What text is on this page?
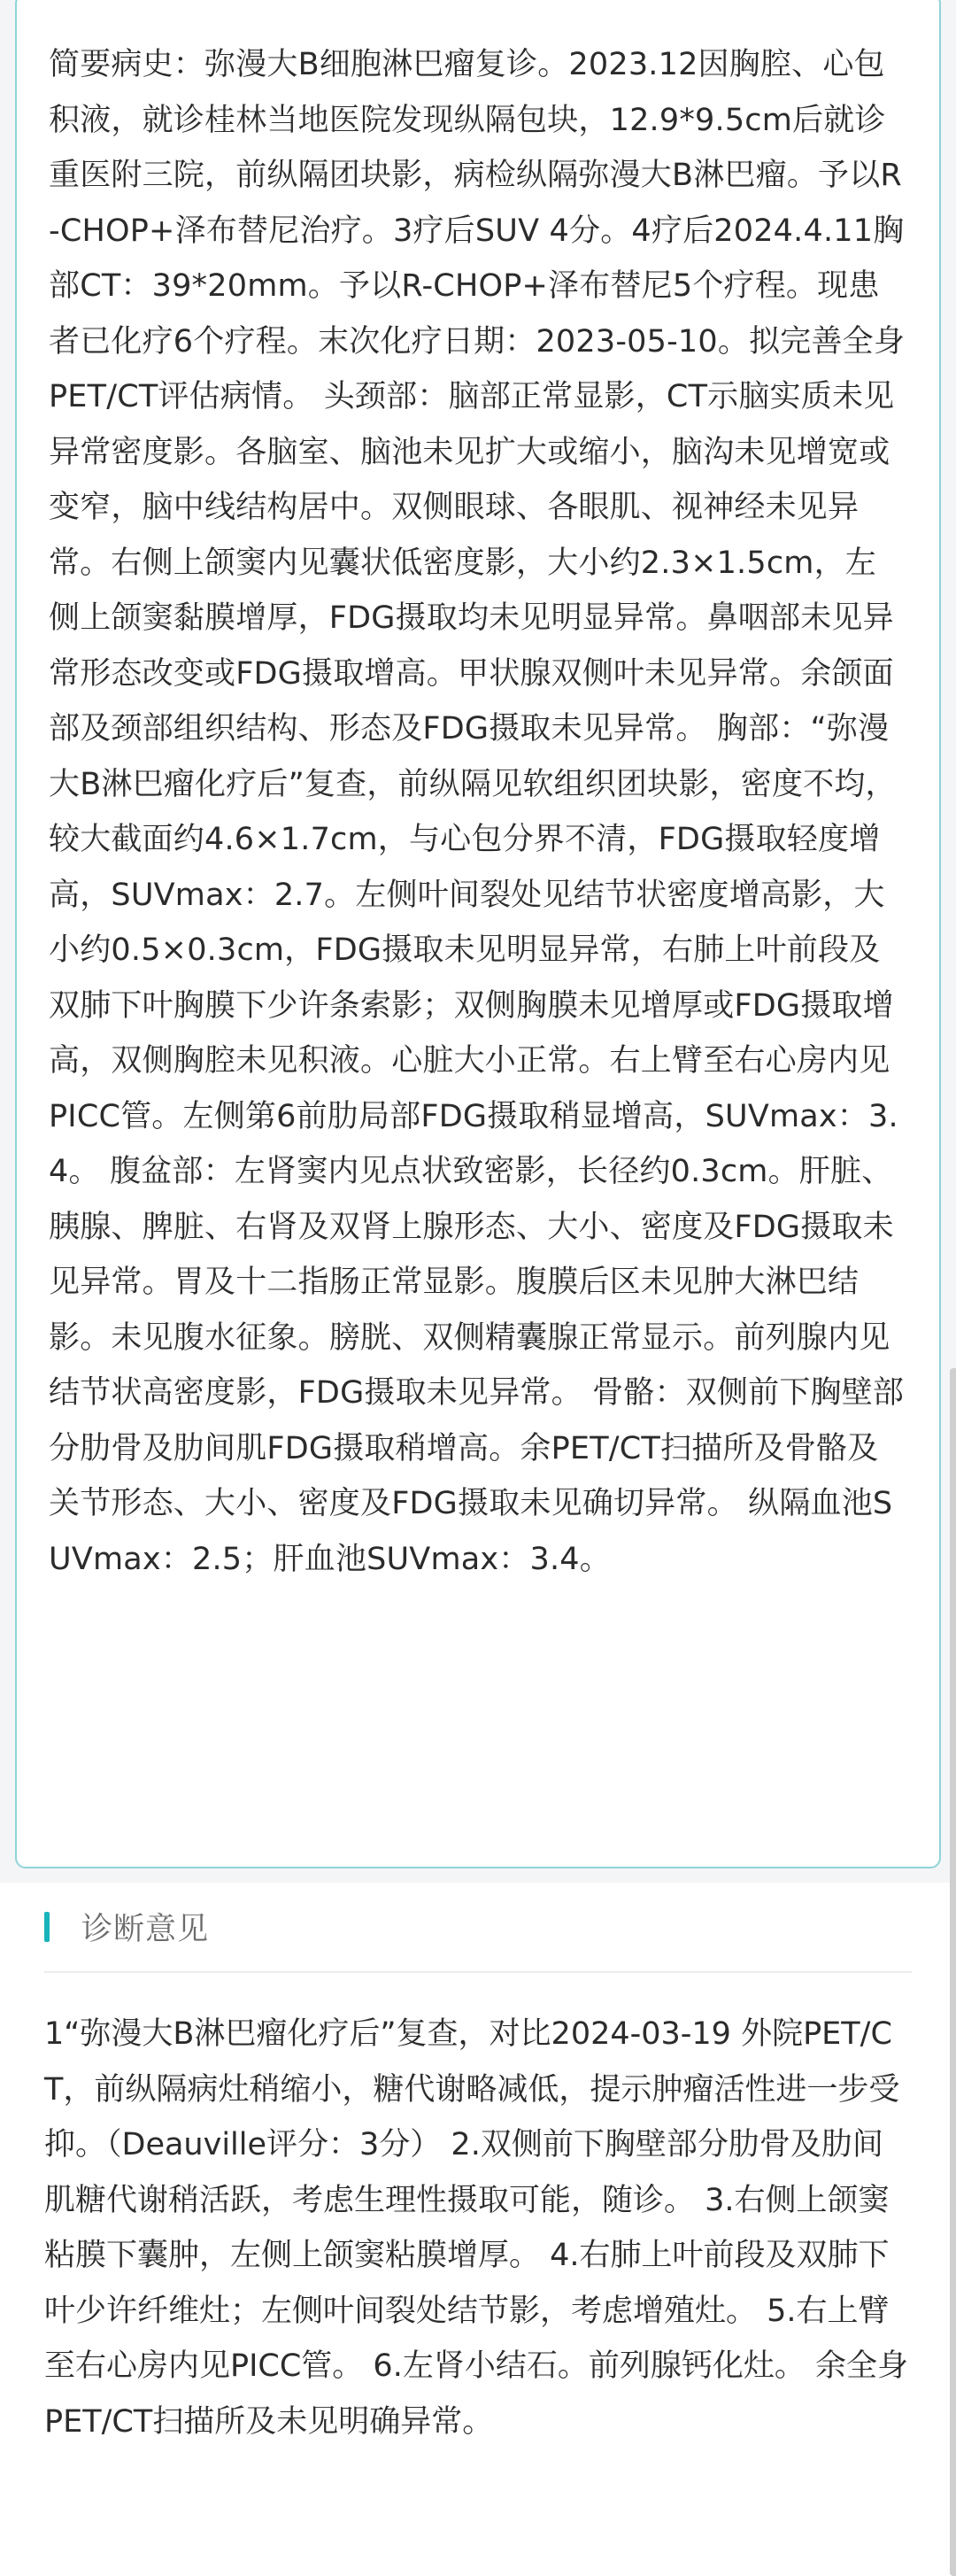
简要病史：弥漫大B细胞淋巴瘤复诊。2023.12因胸腔、心包积液，就诊桂林当地医院发现纵隔包块，12.9*9.5cm后就诊重医附三院，前纵隔团块影，病检纵隔弥漫大B淋巴瘤。予以R-CHOP+泽布替尼治疗。3疗后SUV 4分。4疗后2024.4.11胸部CT：39*20mm。予以R-CHOP+泽布替尼5个疗程。现患者已化疗6个疗程。末次化疗日期：2023-05-10。拟完善全身PET/CT评估病情。 头颈部：脑部正常显影，CT示脑实质未见异常密度影。各脑室、脑池未见扩大或缩小，脑沟未见增宽或变窄，脑中线结构居中。双侧眼球、各眼肌、视神经未见异常。右侧上颌窦内见囊状低密度影，大小约2.3×1.5cm，左侧上颌窦黏膜增厚，FDG摄取均未见明显异常。鼻咽部未见异常形态改变或FDG摄取增高。甲状腺双侧叶未见异常。余颌面部及颈部组织结构、形态及FDG摄取未见异常。 胸部：“弥漫大B淋巴瘤化疗后”复查，前纵隔见软组织团块影，密度不均，较大截面约4.6×1.7cm，与心包分界不清，FDG摄取轻度增高，SUVmax：2.7。左侧叶间裂处见结节状密度增高影，大小约0.5×0.3cm，FDG摄取未见明显异常，右肺上叶前段及双肺下叶胸膜下少许条索影；双侧胸膜未见增厚或FDG摄取增高，双侧胸腔未见积液。心脏大小正常。右上臂至右心房内见PICC管。左侧第6前肋局部FDG摄取稍显增高，SUVmax：3.4。 腹盆部：左肾窦内见点状致密影，长径约0.3cm。肝脏、胰腺、脾脏、右肾及双肾上腺形态、大小、密度及FDG摄取未见异常。胃及十二指肠正常显影。腹膜后区未见肿大淋巴结影。未见腹水征象。膀胱、双侧精囊腺正常显示。前列腺内见结节状高密度影，FDG摄取未见异常。 骨骼：双侧前下胸壁部分肋骨及肋间肌FDG摄取稍增高。余PET/CT扫描所及骨骼及关节形态、大小、密度及FDG摄取未见确切异常。 纵隔血池SUVmax：2.5；肝血池SUVmax：3.4。
诊断意见
1“弥漫大B淋巴瘤化疗后”复查，对比2024-03-19 外院PET/CT，前纵隔病灶稍缩小，糖代谢略减低，提示肿瘤活性进一步受抑。（Deauville评分：3分） 2.双侧前下胸壁部分肋骨及肋间肌糖代谢稍活跃，考虑生理性摄取可能，随诊。 3.右侧上颌窦粘膜下囊肿，左侧上颌窦粘膜增厚。 4.右肺上叶前段及双肺下叶少许纤维灶；左侧叶间裂处结节影，考虑增殖灶。 5.右上臂至右心房内见PICC管。 6.左肾小结石。前列腺钙化灶。 余全身PET/CT扫描所及未见明确异常。
